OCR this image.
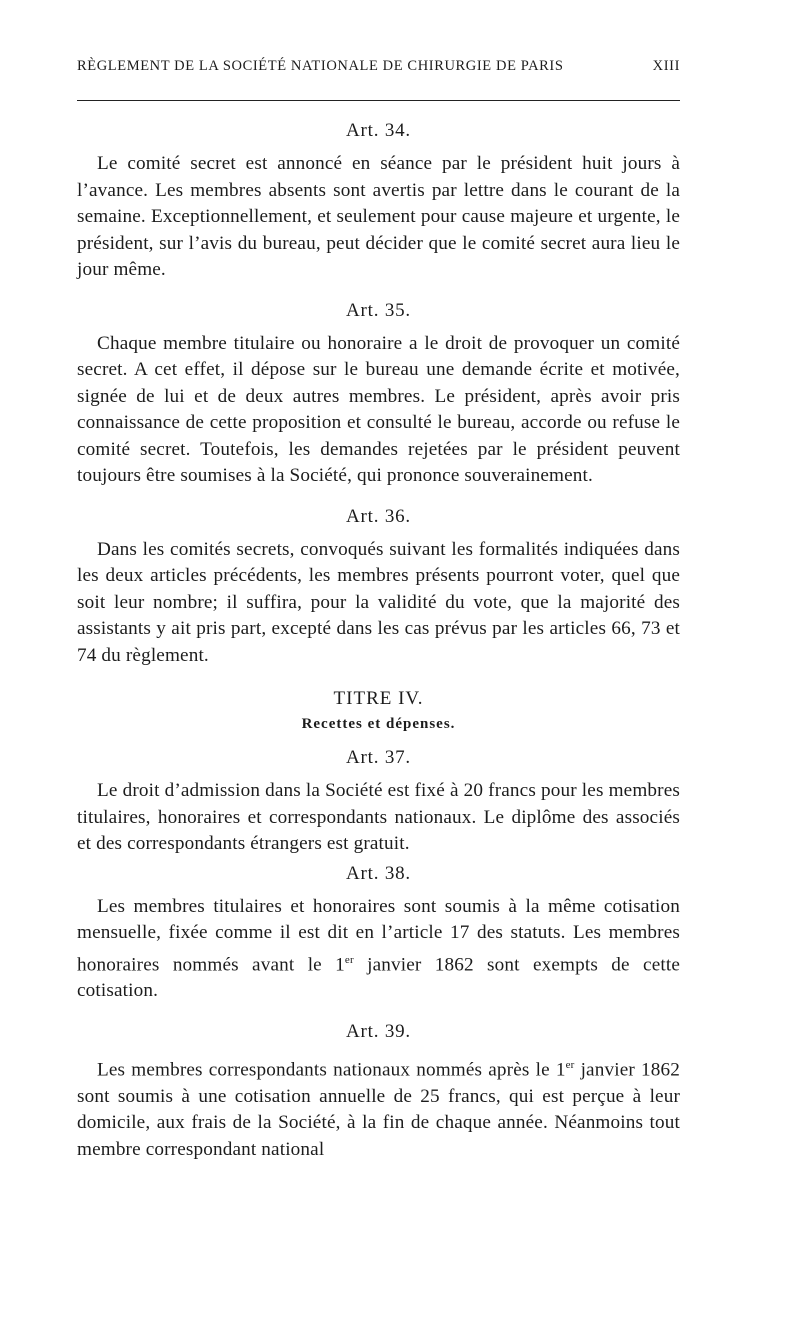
RÈGLEMENT DE LA SOCIÉTÉ NATIONALE DE CHIRURGIE DE PARIS	XIII
Art. 34.

Le comité secret est annoncé en séance par le président huit jours à l’avance. Les membres absents sont avertis par lettre dans le courant de la semaine. Exceptionnellement, et seulement pour cause majeure et urgente, le président, sur l’avis du bureau, peut décider que le comité secret aura lieu le jour même.

Art. 35.

Chaque membre titulaire ou honoraire a le droit de provoquer un comité secret. A cet effet, il dépose sur le bureau une demande écrite et motivée, signée de lui et de deux autres membres. Le président, après avoir pris connaissance de cette proposition et consulté le bureau, accorde ou refuse le comité secret. Toutefois, les demandes rejetées par le président peuvent toujours être soumises à la Société, qui prononce souverainement.

Art. 36.

Dans les comités secrets, convoqués suivant les formalités indiquées dans les deux articles précédents, les membres présents pourront voter, quel que soit leur nombre; il suffira, pour la validité du vote, que la majorité des assistants y ait pris part, excepté dans les cas prévus par les articles 66, 73 et 74 du règlement.

TITRE IV.
Recettes et dépenses.
Art. 37.

Le droit d’admission dans la Société est fixé à 20 francs pour les membres titulaires, honoraires et correspondants nationaux. Le diplôme des associés et des correspondants étrangers est gratuit.

Art. 38.

Les membres titulaires et honoraires sont soumis à la même cotisation mensuelle, fixée comme il est dit en l’article 17 des statuts. Les membres honoraires nommés avant le 1er janvier 1862 sont exempts de cette cotisation.

Art. 39.

Les membres correspondants nationaux nommés après le 1er janvier 1862 sont soumis à une cotisation annuelle de 25 francs, qui est perçue à leur domicile, aux frais de la Société, à la fin de chaque année. Néanmoins tout membre correspondant national
